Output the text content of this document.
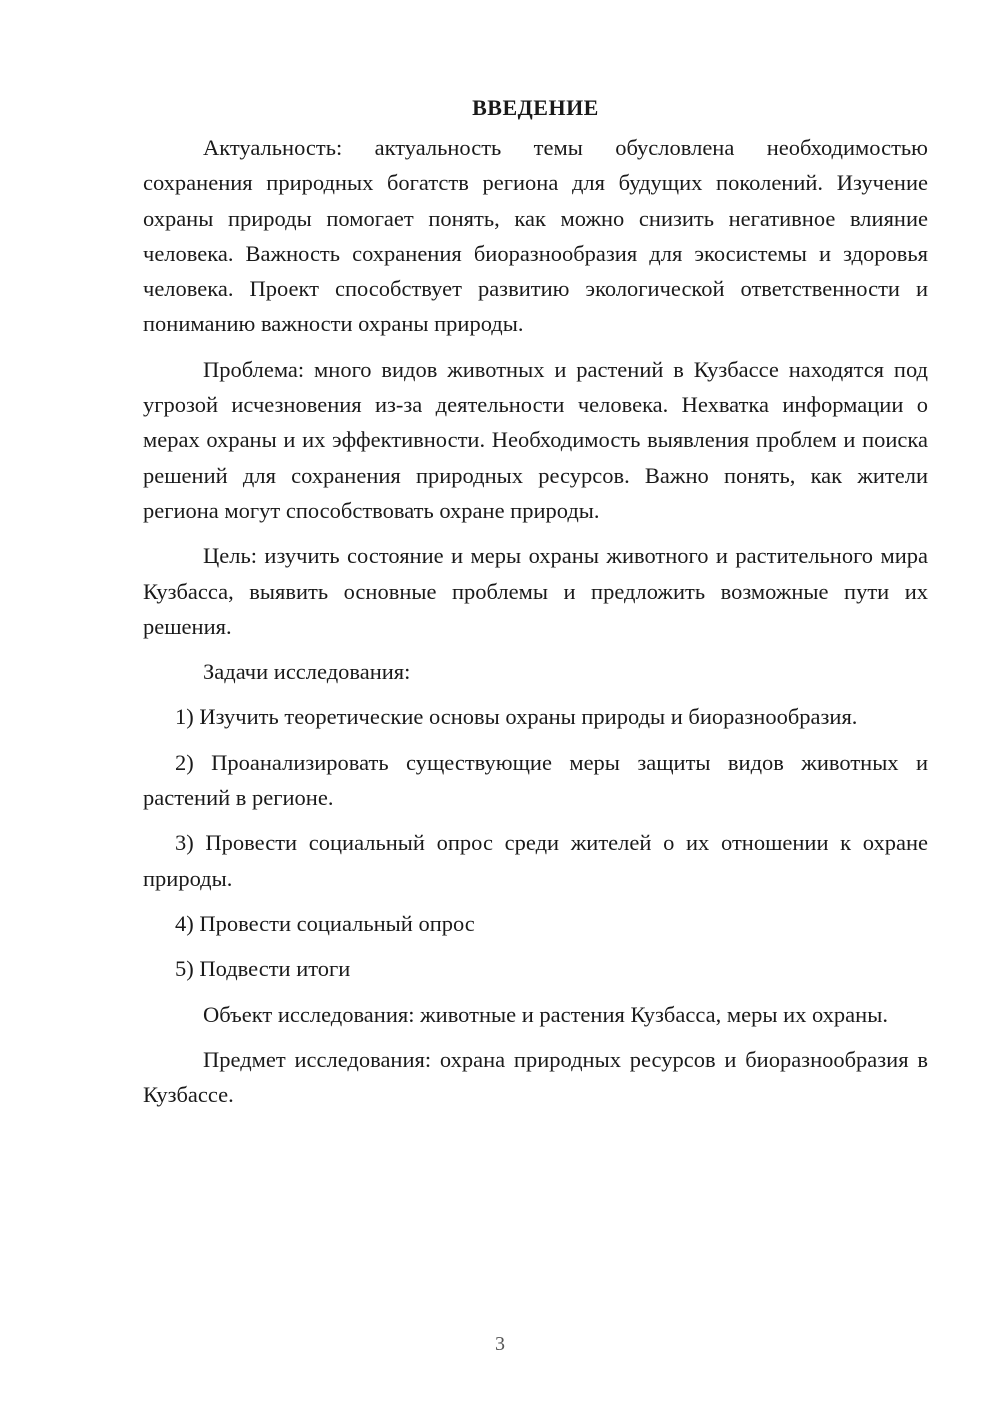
ВВЕДЕНИЕ

Актуальность: актуальность темы обусловлена необходимостью сохранения природных богатств региона для будущих поколений. Изучение охраны природы помогает понять, как можно снизить негативное влияние человека. Важность сохранения биоразнообразия для экосистемы и здоровья человека. Проект способствует развитию экологической ответственности и пониманию важности охраны природы.

Проблема: много видов животных и растений в Кузбассе находятся под угрозой исчезновения из-за деятельности человека. Нехватка информации о мерах охраны и их эффективности. Необходимость выявления проблем и поиска решений для сохранения природных ресурсов. Важно понять, как жители региона могут способствовать охране природы.

Цель: изучить состояние и меры охраны животного и растительного мира Кузбасса, выявить основные проблемы и предложить возможные пути их решения.

Задачи исследования:

1) Изучить теоретические основы охраны природы и биоразнообразия.

2) Проанализировать существующие меры защиты видов животных и растений в регионе.

3) Провести социальный опрос среди жителей о их отношении к охране природы.

4) Провести социальный опрос

5) Подвести итоги

Объект исследования: животные и растения Кузбасса, меры их охраны.

Предмет исследования: охрана природных ресурсов и биоразнообразия в Кузбассе.

3
